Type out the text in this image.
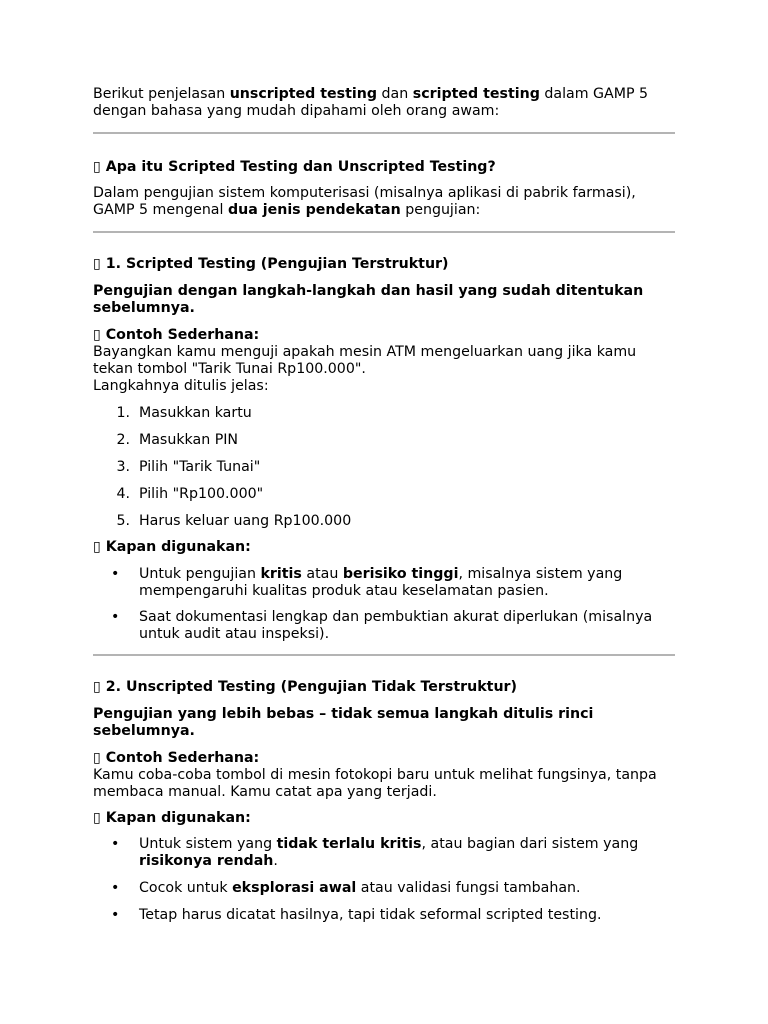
Berikut penjelasan unscripted testing dan scripted testing dalam GAMP 5
dengan bahasa yang mudah dipahami oleh orang awam:

▯ Apa itu Scripted Testing dan Unscripted Testing?

Dalam pengujian sistem komputerisasi (misalnya aplikasi di pabrik farmasi),
GAMP 5 mengenal dua jenis pendekatan pengujian:

▯ 1. Scripted Testing (Pengujian Terstruktur)

Pengujian dengan langkah-langkah dan hasil yang sudah ditentukan
sebelumnya.

▯ Contoh Sederhana:

Bayangkan kamu menguji apakah mesin ATM mengeluarkan uang jika kamu
tekan tombol "Tarik Tunai Rp100.000".
Langkahnya ditulis jelas:

1. Masukkan kartu
2. Masukkan PIN
3. Pilih "Tarik Tunai"
4. Pilih "Rp100.000"
5. Harus keluar uang Rp100.000

▯ Kapan digunakan:

• Untuk pengujian kritis atau berisiko tinggi, misalnya sistem yang
mempengaruhi kualitas produk atau keselamatan pasien.
• Saat dokumentasi lengkap dan pembuktian akurat diperlukan (misalnya
untuk audit atau inspeksi).

▯ 2. Unscripted Testing (Pengujian Tidak Terstruktur)

Pengujian yang lebih bebas – tidak semua langkah ditulis rinci
sebelumnya.

▯ Contoh Sederhana:

Kamu coba-coba tombol di mesin fotokopi baru untuk melihat fungsinya, tanpa
membaca manual. Kamu catat apa yang terjadi.

▯ Kapan digunakan:

• Untuk sistem yang tidak terlalu kritis, atau bagian dari sistem yang
risikonya rendah.
• Cocok untuk eksplorasi awal atau validasi fungsi tambahan.
• Tetap harus dicatat hasilnya, tapi tidak seformal scripted testing.
